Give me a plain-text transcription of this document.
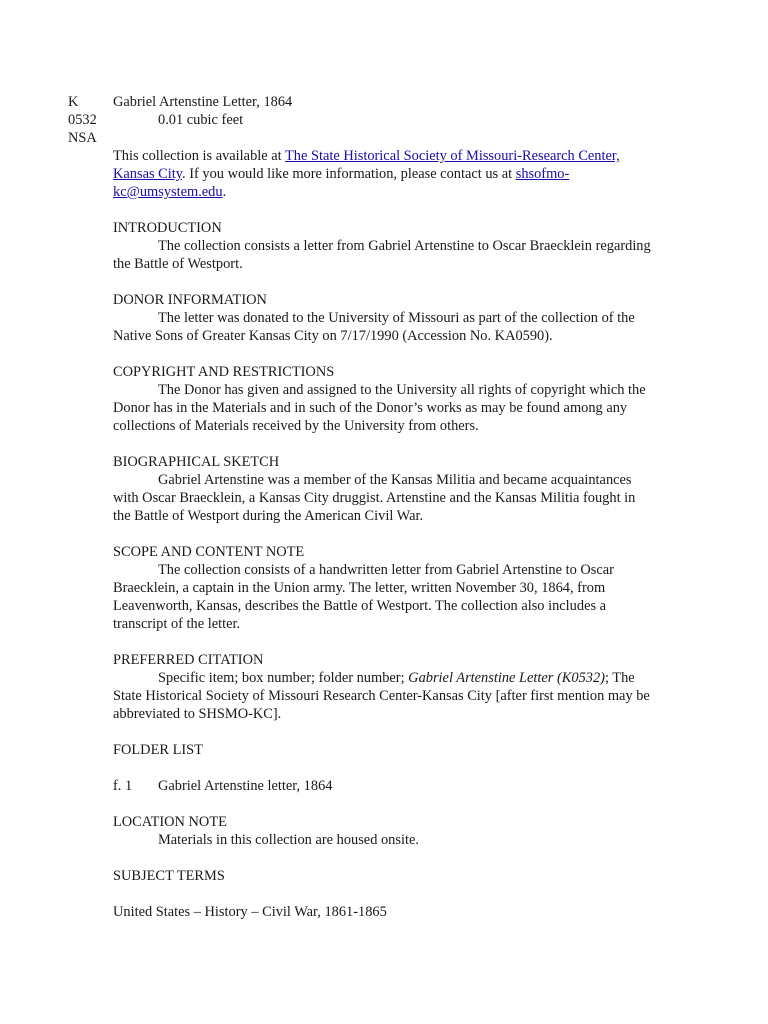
K
0532
NSA
Gabriel Artenstine Letter, 1864
0.01 cubic feet

This collection is available at The State Historical Society of Missouri-Research Center, Kansas City. If you would like more information, please contact us at shsofmo-kc@umsystem.edu.

INTRODUCTION

The collection consists a letter from Gabriel Artenstine to Oscar Braecklein regarding the Battle of Westport.

DONOR INFORMATION

The letter was donated to the University of Missouri as part of the collection of the Native Sons of Greater Kansas City on 7/17/1990 (Accession No. KA0590).

COPYRIGHT AND RESTRICTIONS

The Donor has given and assigned to the University all rights of copyright which the Donor has in the Materials and in such of the Donor’s works as may be found among any collections of Materials received by the University from others.

BIOGRAPHICAL SKETCH

Gabriel Artenstine was a member of the Kansas Militia and became acquaintances with Oscar Braecklein, a Kansas City druggist. Artenstine and the Kansas Militia fought in the Battle of Westport during the American Civil War.

SCOPE AND CONTENT NOTE

The collection consists of a handwritten letter from Gabriel Artenstine to Oscar Braecklein, a captain in the Union army. The letter, written November 30, 1864, from Leavenworth, Kansas, describes the Battle of Westport. The collection also includes a transcript of the letter.

PREFERRED CITATION

Specific item; box number; folder number; Gabriel Artenstine Letter (K0532); The State Historical Society of Missouri Research Center-Kansas City [after first mention may be abbreviated to SHSMO-KC].

FOLDER LIST

f. 1 Gabriel Artenstine letter, 1864

LOCATION NOTE

Materials in this collection are housed onsite.

SUBJECT TERMS

United States – History – Civil War, 1861-1865
